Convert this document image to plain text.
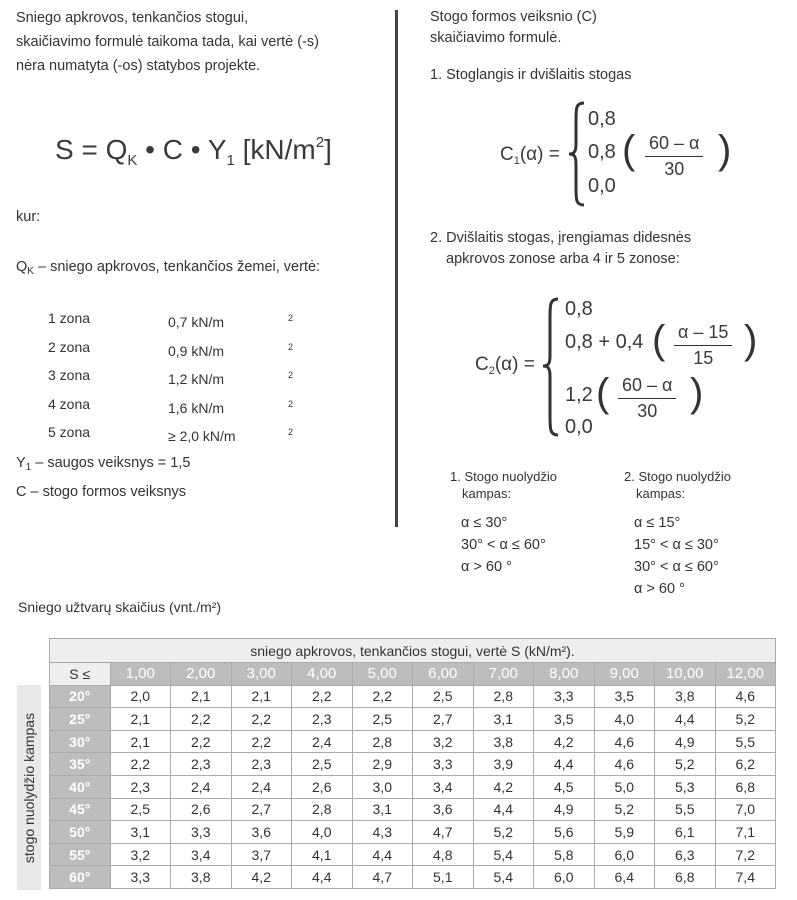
Sniego apkrovos, tenkančios stogui,
skaičiavimo formulė taikoma tada, kai vertė (-s)
nėra numatyta (-os) statybos projekte.
$S = Q_K$ • C • $Y_1$ $[kN/m^2]$
kur:
$Q_K$ – sniego apkrovos, tenkančios žemei, vertė:
1 zona	0,7 kN/m	$^2$
2 zona	0,9 kN/m	$^2$
3 zona	1,2 kN/m	$^2$
4 zona	1,6 kN/m	$^2$
5 zona	≥ 2,0 kN/m	$^2$
$Y_1$ – saugos veiksnys = 1,5
C – stogo formos veiksnys
Stogo formos veiksnio (C)
skaičiavimo formulė.
1. Stoglangis ir dvišlaitis stogas
$C_1(\alpha)$ =
0,8
0,8 ( $\frac{60 - \alpha}{30}$ )
0,0
2. Dvišlaitis stogas, įrengiamas didesnės
apkrovos zonose arba 4 ir 5 zonose:
$C_2(\alpha)$ =
0,8
0,8 + 0,4 ( $\frac{\alpha - 15}{15}$ )
1,2 ( $\frac{60 - \alpha}{30}$ )
0,0
1. Stogo nuolydžio
kampas:
α ≤ 30°
30° < α ≤ 60°
α > 60 °
2. Stogo nuolydžio
kampas:
α ≤ 15°
15° < α ≤ 30°
30° < α ≤ 60°
α > 60 °
Sniego užtvarų skaičius (vnt./m²)
stogo nuolydžio kampas
sniego apkrovos, tenkančios stogui, vertė S (kN/m²).											
S ≤	1,00	2,00	3,00	4,00	5,00	6,00	7,00	8,00	9,00	10,00	12,00
20°	2,0	2,1	2,1	2,2	2,2	2,5	2,8	3,3	3,5	3,8	4,6
25°	2,1	2,2	2,2	2,3	2,5	2,7	3,1	3,5	4,0	4,4	5,2
30°	2,1	2,2	2,2	2,4	2,8	3,2	3,8	4,2	4,6	4,9	5,5
35°	2,2	2,3	2,3	2,5	2,9	3,3	3,9	4,4	4,6	5,2	6,2
40°	2,3	2,4	2,4	2,6	3,0	3,4	4,2	4,5	5,0	5,3	6,8
45°	2,5	2,6	2,7	2,8	3,1	3,6	4,4	4,9	5,2	5,5	7,0
50°	3,1	3,3	3,6	4,0	4,3	4,7	5,2	5,6	5,9	6,1	7,1
55°	3,2	3,4	3,7	4,1	4,4	4,8	5,4	5,8	6,0	6,3	7,2
60°	3,3	3,8	4,2	4,4	4,7	5,1	5,4	6,0	6,4	6,8	7,4
